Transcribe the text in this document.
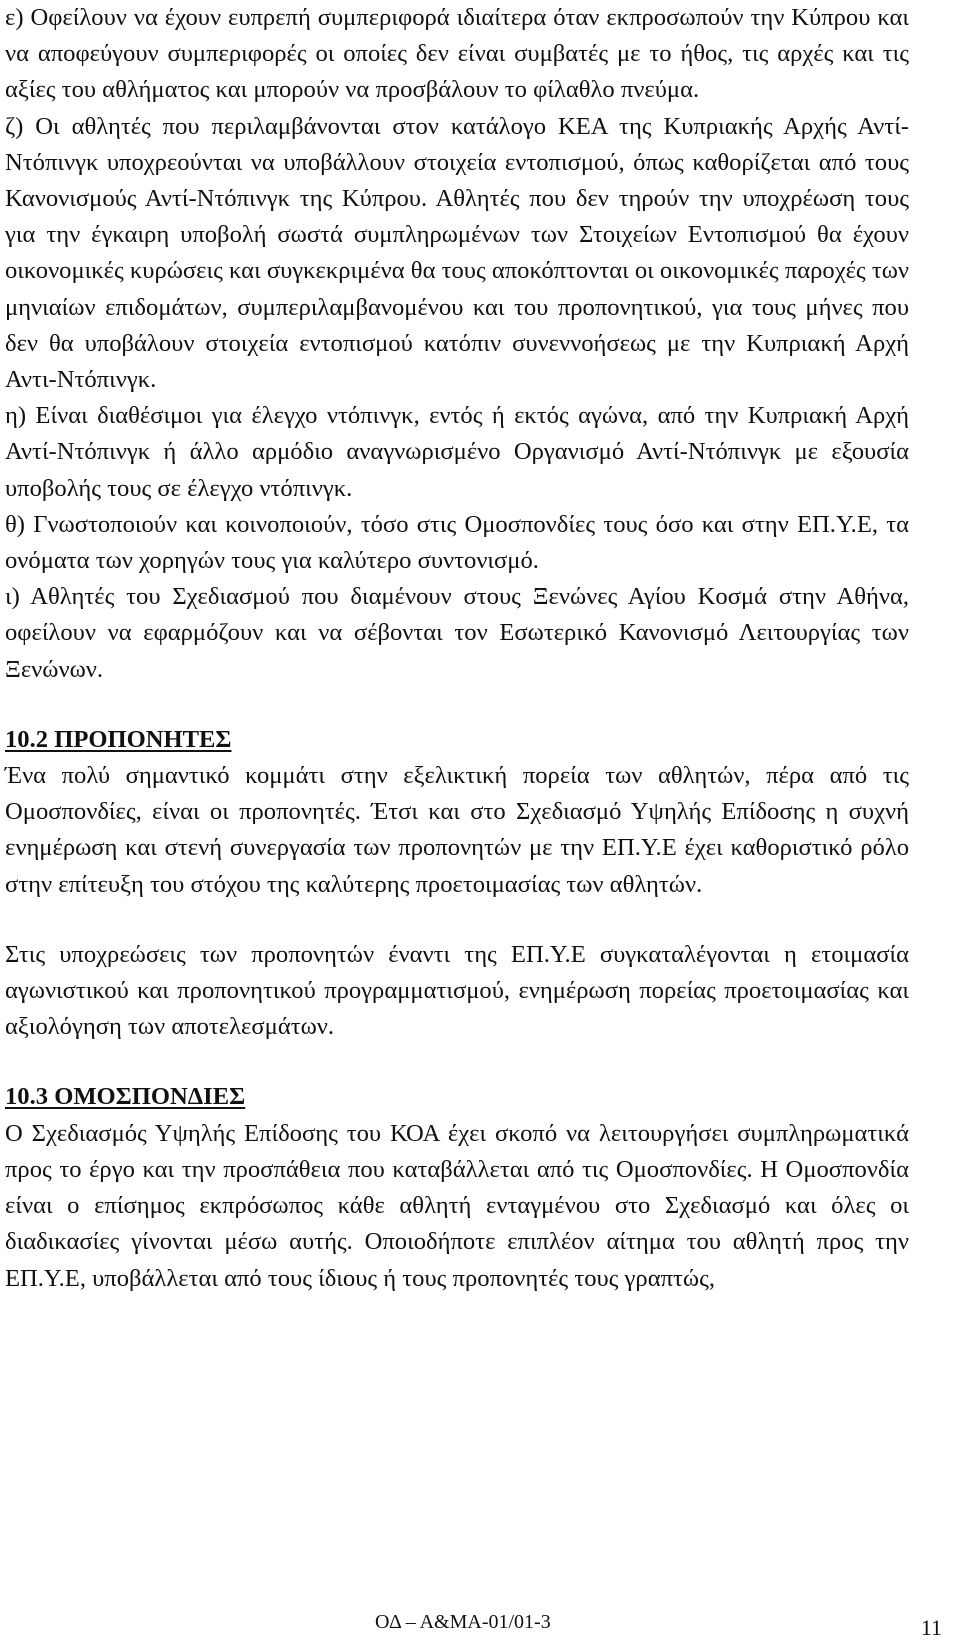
ε) Οφείλουν να έχουν ευπρεπή συμπεριφορά ιδιαίτερα όταν εκπροσωπούν την Κύπρου και να αποφεύγουν συμπεριφορές οι οποίες δεν είναι συμβατές με το ήθος, τις αρχές και τις αξίες του αθλήματος και μπορούν να προσβάλουν το φίλαθλο πνεύμα.

ζ) Οι αθλητές που περιλαμβάνονται στον κατάλογο ΚΕΑ της Κυπριακής Αρχής Αντί-Ντόπινγκ υποχρεούνται να υποβάλλουν στοιχεία εντοπισμού, όπως καθορίζεται από τους Κανονισμούς Αντί-Ντόπινγκ της Κύπρου. Αθλητές που δεν τηρούν την υποχρέωση τους για την έγκαιρη υποβολή σωστά συμπληρωμένων των Στοιχείων Εντοπισμού θα έχουν οικονομικές κυρώσεις και συγκεκριμένα θα τους αποκόπτονται οι οικονομικές παροχές των μηνιαίων επιδομάτων, συμπεριλαμβανομένου και του προπονητικού, για τους μήνες που δεν θα υποβάλουν στοιχεία εντοπισμού κατόπιν συνεννοήσεως με την Κυπριακή Αρχή Αντι-Ντόπινγκ.

η) Είναι διαθέσιμοι για έλεγχο ντόπινγκ, εντός ή εκτός αγώνα, από την Κυπριακή Αρχή Αντί-Ντόπινγκ ή άλλο αρμόδιο αναγνωρισμένο Οργανισμό Αντί-Ντόπινγκ με εξουσία υποβολής τους σε έλεγχο ντόπινγκ.

θ) Γνωστοποιούν και κοινοποιούν, τόσο στις Ομοσπονδίες τους όσο και στην ΕΠ.Υ.Ε, τα ονόματα των χορηγών τους για καλύτερο συντονισμό.

ι) Αθλητές του Σχεδιασμού που διαμένουν στους Ξενώνες Αγίου Κοσμά στην Αθήνα, οφείλουν να εφαρμόζουν και να σέβονται τον Εσωτερικό Κανονισμό Λειτουργίας των Ξενώνων.

10.2 ΠΡΟΠΟΝΗΤΕΣ

Ένα πολύ σημαντικό κομμάτι στην εξελικτική πορεία των αθλητών, πέρα από τις Ομοσπονδίες, είναι οι προπονητές. Έτσι και στο Σχεδιασμό Υψηλής Επίδοσης η συχνή ενημέρωση και στενή συνεργασία των προπονητών με την ΕΠ.Υ.Ε έχει καθοριστικό ρόλο στην επίτευξη του στόχου της καλύτερης προετοιμασίας των αθλητών.

Στις υποχρεώσεις των προπονητών έναντι της ΕΠ.Υ.Ε συγκαταλέγονται η ετοιμασία αγωνιστικού και προπονητικού προγραμματισμού, ενημέρωση πορείας προετοιμασίας και αξιολόγηση των αποτελεσμάτων.

10.3 ΟΜΟΣΠΟΝΔΙΕΣ

Ο Σχεδιασμός Υψηλής Επίδοσης του ΚΟΑ έχει σκοπό να λειτουργήσει συμπληρωματικά προς το έργο και την προσπάθεια που καταβάλλεται από τις Ομοσπονδίες. Η Ομοσπονδία είναι ο επίσημος εκπρόσωπος κάθε αθλητή ενταγμένου στο Σχεδιασμό και όλες οι διαδικασίες γίνονται μέσω αυτής. Οποιοδήποτε επιπλέον αίτημα του αθλητή προς την ΕΠ.Υ.Ε, υποβάλλεται από τους ίδιους ή τους προπονητές τους γραπτώς,

ΟΔ – Α&ΜΑ-01/01-3	11
